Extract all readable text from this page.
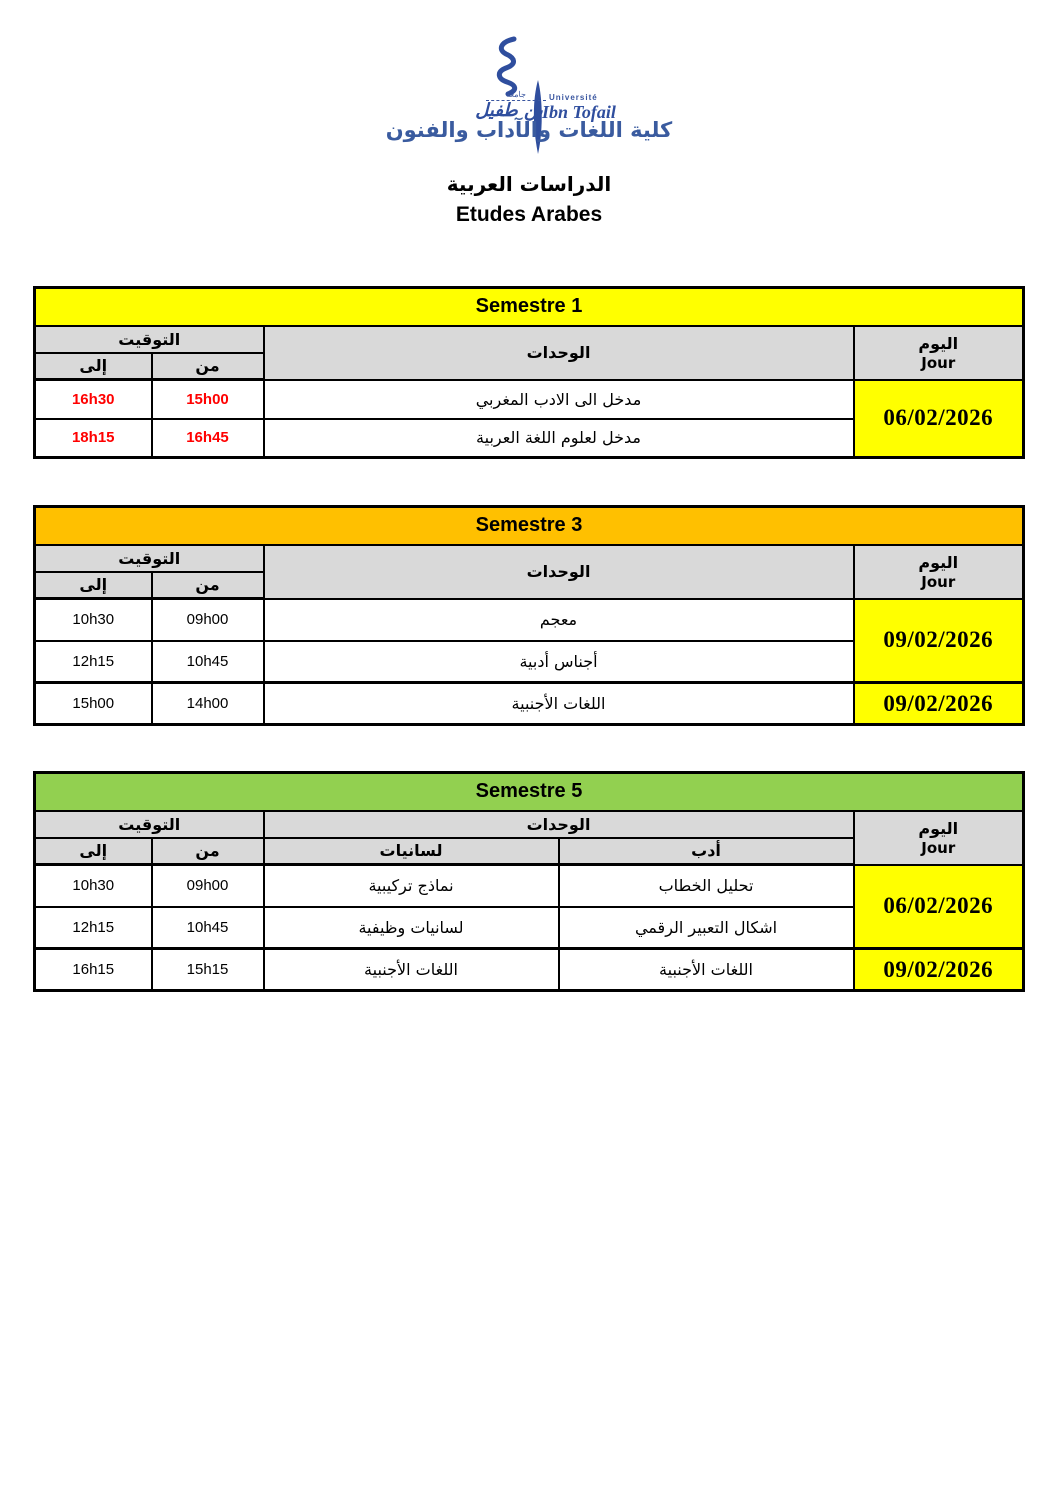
جامعة
بن طفيل
Université
Ibn Tofail
كلية اللغات والآداب والفنون
الدراسات العربية
Etudes Arabes
Semestre 1			
التوقيت		الوحدات	اليوم
Jour

إلى	من		
16h30	15h00	مدخل الى الادب المغربي	06/02/2026
18h15	16h45	مدخل لعلوم اللغة العربية	
Semestre 3			
التوقيت		الوحدات	اليوم
Jour

إلى	من		
10h30	09h00	معجم	09/02/2026
12h15	10h45	أجناس أدبية	
15h00	14h00	اللغات الأجنبية	09/02/2026
Semestre 5				
التوقيت		الوحدات		اليوم
Jour

إلى	من	لسانيات	أدب	
10h30	09h00	نماذج تركيبية	تحليل الخطاب	06/02/2026
12h15	10h45	لسانيات وظيفية	اشكال التعبير الرقمي	
16h15	15h15	اللغات الأجنبية	اللغات الأجنبية	09/02/2026
